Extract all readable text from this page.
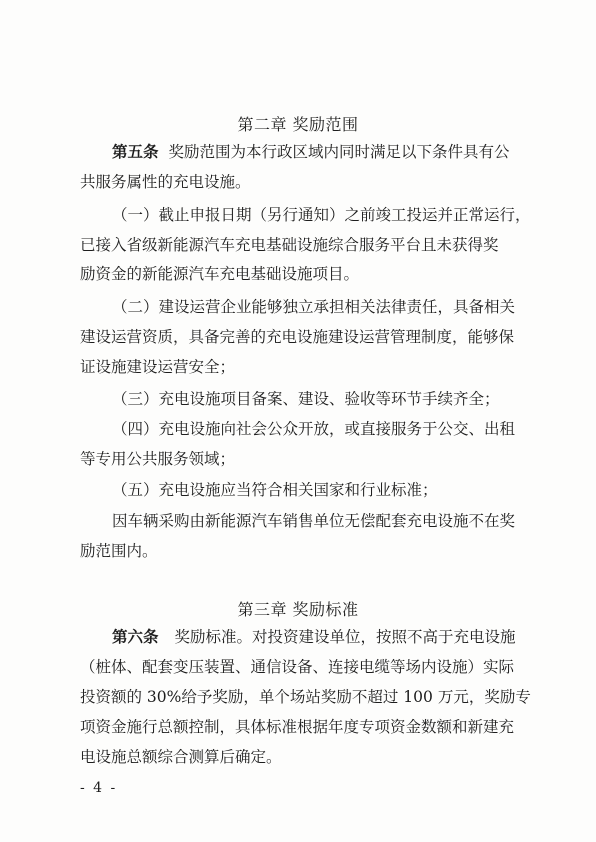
第二章 奖励范围
第五条 奖励范围为本行政区域内同时满足以下条件具有公
共服务属性的充电设施。
（一）截止申报日期（另行通知）之前竣工投运并正常运行，
已接入省级新能源汽车充电基础设施综合服务平台且未获得奖
励资金的新能源汽车充电基础设施项目。
（二）建设运营企业能够独立承担相关法律责任，具备相关
建设运营资质，具备完善的充电设施建设运营管理制度，能够保
证设施建设运营安全；
（三）充电设施项目备案、建设、验收等环节手续齐全；
（四）充电设施向社会公众开放，或直接服务于公交、出租
等专用公共服务领域；
（五）充电设施应当符合相关国家和行业标准；
因车辆采购由新能源汽车销售单位无偿配套充电设施不在奖
励范围内。
第三章 奖励标准
第六条 奖励标准。对投资建设单位，按照不高于充电设施
（桩体、配套变压装置、通信设备、连接电缆等场内设施）实际
投资额的 30%给予奖励，单个场站奖励不超过 100 万元，奖励专
项资金施行总额控制，具体标准根据年度专项资金数额和新建充
电设施总额综合测算后确定。
- 4 -
